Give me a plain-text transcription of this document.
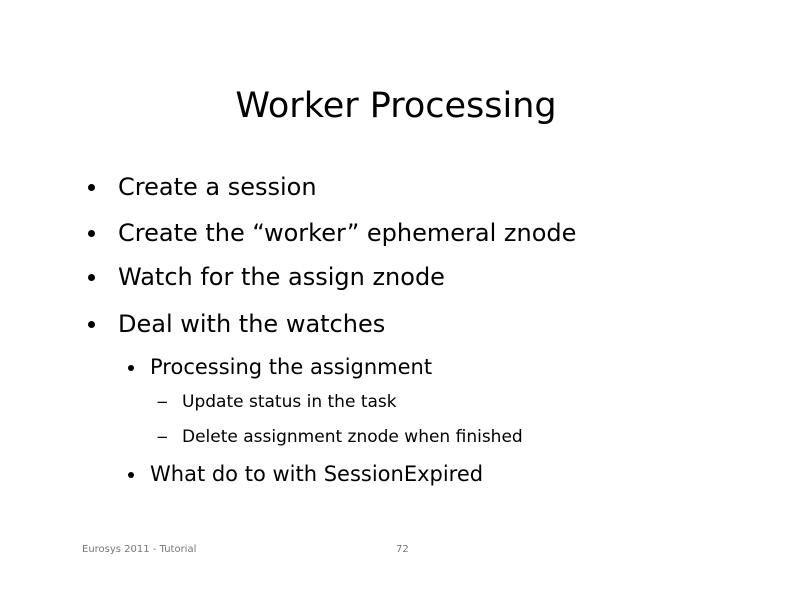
Worker Processing
Create a session
Create the “worker” ephemeral znode
Watch for the assign znode
Deal with the watches
Processing the assignment
− Update status in the task
− Delete assignment znode when finished
What do to with SessionExpired
Eurosys 2011 - Tutorial	72
